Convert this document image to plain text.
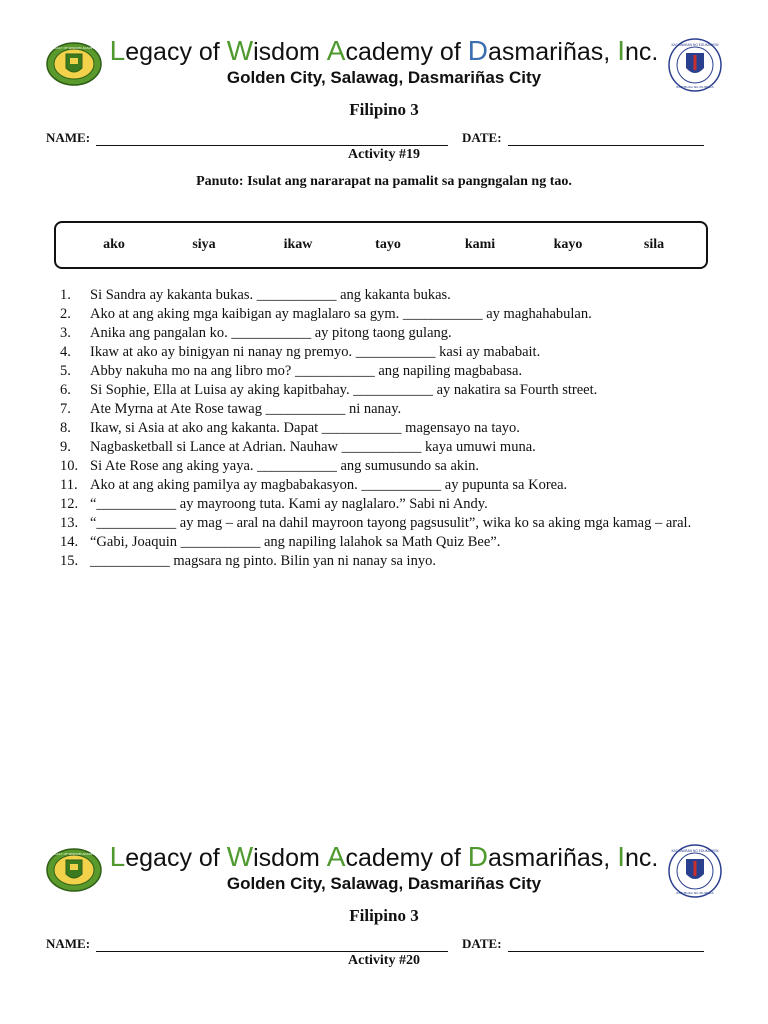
LEGACY OF WISDOM ACADEMY Legacy of Wisdom Academy of Dasmariñas, Inc.
Golden City, Salawag, Dasmariñas City
KAGAWARAN NG EDUKASYON
REPUBLIKA NG PILIPINAS
Filipino 3
NAME:	DATE:
Activity #19
Panuto: Isulat ang nararapat na pamalit sa pangngalan ng tao.
ako	siya	ikaw	tayo	kami	kayo	sila
1. Si Sandra ay kakanta bukas. ___________ ang kakanta bukas.
2. Ako at ang aking mga kaibigan ay maglalaro sa gym. ___________ ay maghahabulan.
3. Anika ang pangalan ko. ___________ ay pitong taong gulang.
4. Ikaw at ako ay binigyan ni nanay ng premyo. ___________ kasi ay mababait.
5. Abby nakuha mo na ang libro mo? ___________ ang napiling magbabasa.
6. Si Sophie, Ella at Luisa ay aking kapitbahay. ___________ ay nakatira sa Fourth street.
7. Ate Myrna at Ate Rose tawag ___________ ni nanay.
8. Ikaw, si Asia at ako ang kakanta. Dapat ___________ magensayo na tayo.
9. Nagbasketball si Lance at Adrian. Nauhaw ___________ kaya umuwi muna.
10. Si Ate Rose ang aking yaya. ___________ ang sumusundo sa akin.
11. Ako at ang aking pamilya ay magbabakasyon. ___________ ay pupunta sa Korea.
12. “___________ ay mayroong tuta. Kami ay naglalaro.” Sabi ni Andy.
13. “___________ ay mag – aral na dahil mayroon tayong pagsusulit”, wika ko sa aking mga kamag – aral.
14. “Gabi, Joaquin ___________ ang napiling lalahok sa Math Quiz Bee”.
15. ___________ magsara ng pinto. Bilin yan ni nanay sa inyo.
LEGACY OF WISDOM ACADEMY Legacy of Wisdom Academy of Dasmariñas, Inc.
Golden City, Salawag, Dasmariñas City
KAGAWARAN NG EDUKASYON
REPUBLIKA NG PILIPINAS
Filipino 3
NAME:	DATE:
Activity #20
